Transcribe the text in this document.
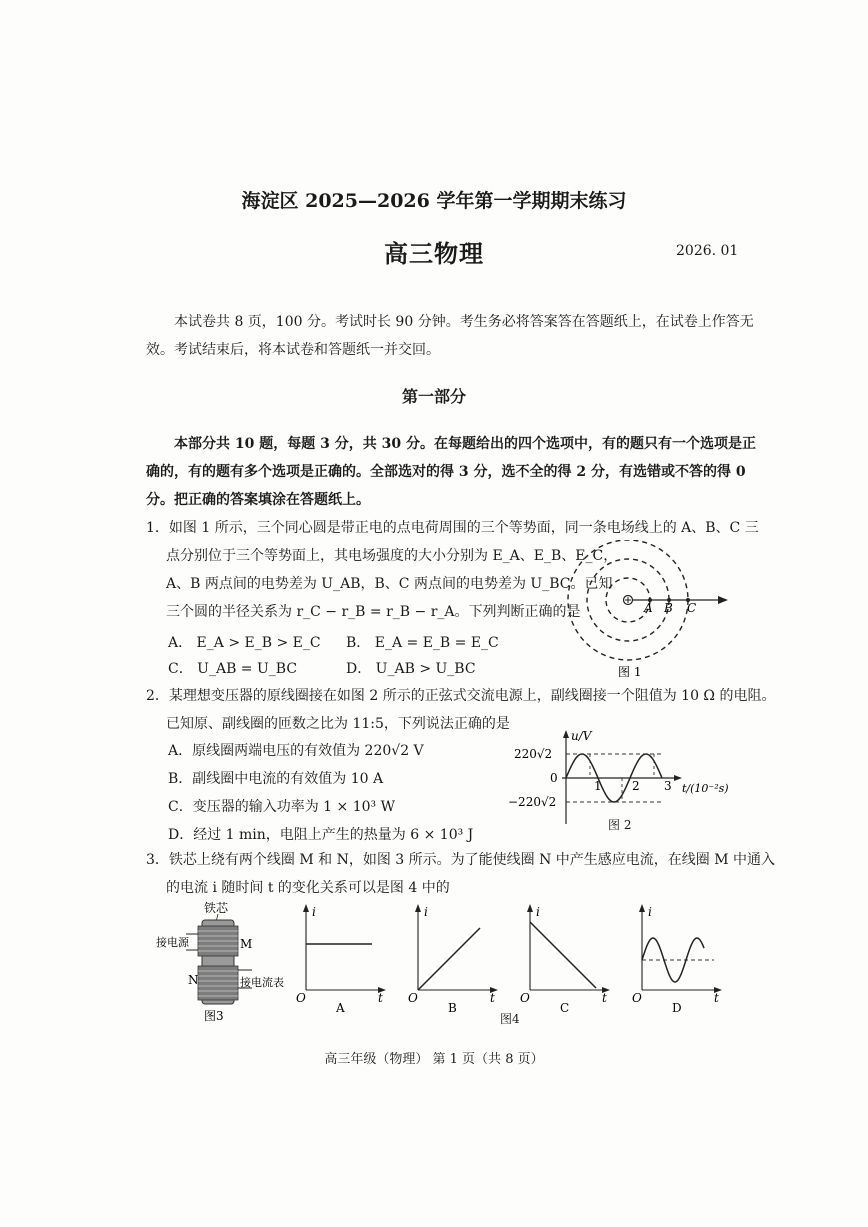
海淀区 2025—2026 学年第一学期期末练习
高三物理	2026. 01
本试卷共 8 页，100 分。考试时长 90 分钟。考生务必将答案答在答题纸上，在试卷上作答无
效。考试结束后，将本试卷和答题纸一并交回。
第一部分
本部分共 10 题，每题 3 分，共 30 分。在每题给出的四个选项中，有的题只有一个选项是正
确的，有的题有多个选项是正确的。全部选对的得 3 分，选不全的得 2 分，有选错或不答的得 0
分。把正确的答案填涂在答题纸上。
1．如图 1 所示，三个同心圆是带正电的点电荷周围的三个等势面，同一条电场线上的 A、B、C 三
点分别位于三个等势面上，其电场强度的大小分别为 E_A、E_B、E_C，
A、B 两点间的电势差为 U_AB，B、C 两点间的电势差为 U_BC。已知
三个圆的半径关系为 r_C − r_B = r_B − r_A。下列判断正确的是
A． E_A > E_B > E_C B． E_A = E_B = E_C
C． U_AB = U_BC	D． U_AB > U_BC
A B C
图 1
2．某理想变压器的原线圈接在如图 2 所示的正弦式交流电源上，副线圈接一个阻值为 10 Ω 的电阻。
已知原、副线圈的匝数之比为 11:5，下列说法正确的是
A．原线圈两端电压的有效值为 220√2 V
B．副线圈中电流的有效值为 10 A
C．变压器的输入功率为 1 × 10³ W
D．经过 1 min，电阻上产生的热量为 6 × 10³ J
220√2
0
−220√2
u/V
t/(10⁻²s)
1	2 3
图 2
3．铁芯上绕有两个线圈 M 和 N，如图 3 所示。为了能使线圈 N 中产生感应电流，在线圈 M 中通入
的电流 i 随时间 t 的变化关系可以是图 4 中的
铁芯
接电源	M
N	接电流表
图3
i
t
O
A
i
t
O
B
i
t
O
C
i
t
O
D
图4
高三年级（物理） 第 1 页（共 8 页）
